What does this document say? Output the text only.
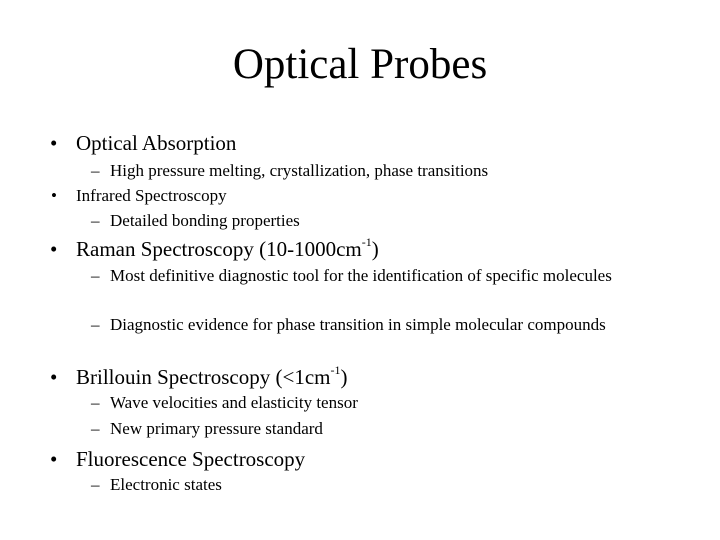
Optical Probes
• Optical Absorption
– High pressure melting, crystallization, phase transitions
• Infrared Spectroscopy
– Detailed bonding properties
• Raman Spectroscopy $(10-1000cm^{-1})$
– Most definitive diagnostic tool for the identification of specific molecules
– Diagnostic evidence for phase transition in simple molecular compounds
• Brillouin Spectroscopy $(<1cm^{-1})$
– Wave velocities and elasticity tensor
– New primary pressure standard
• Fluorescence Spectroscopy
– Electronic states
